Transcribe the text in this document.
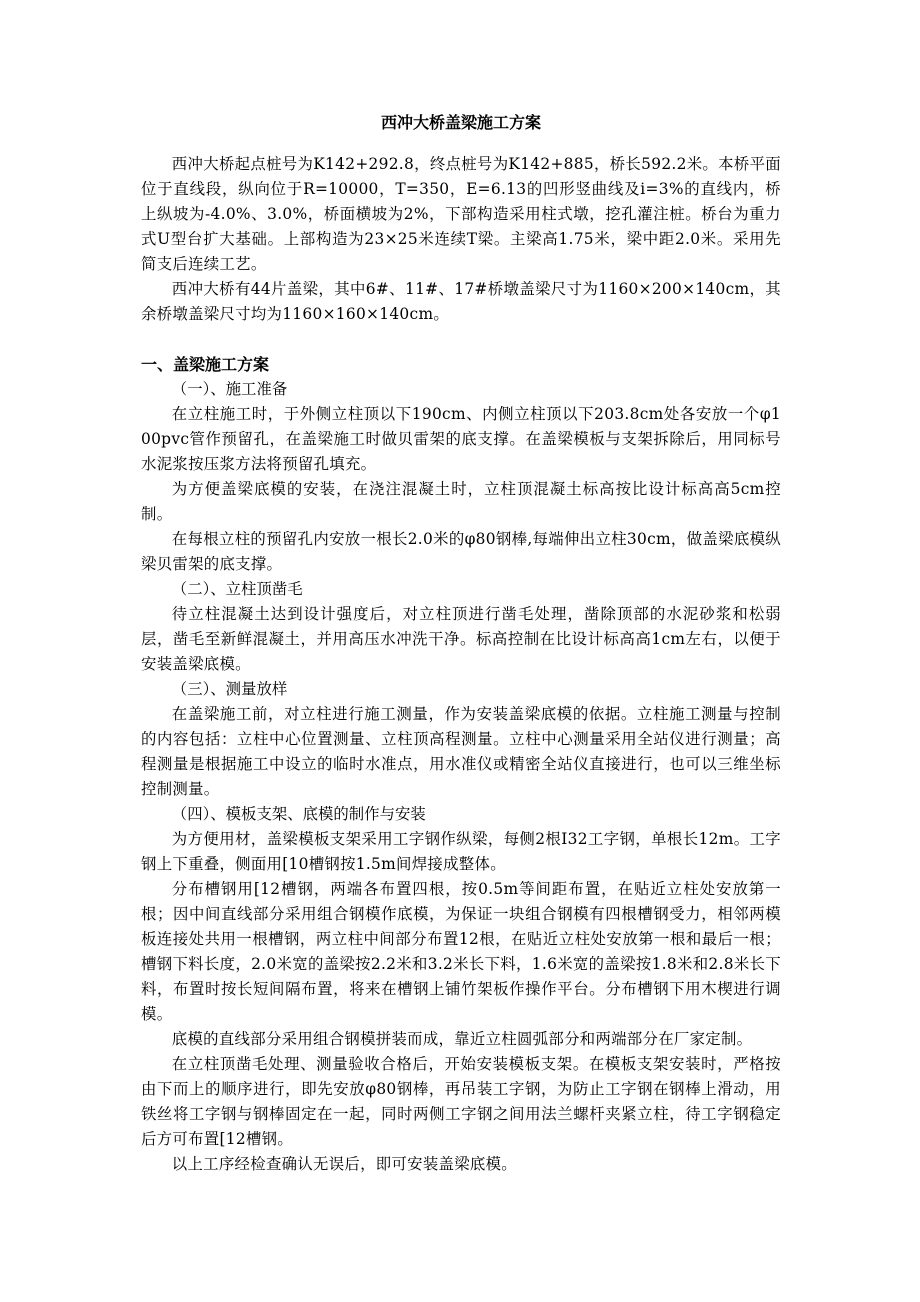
西冲大桥盖梁施工方案

西冲大桥起点桩号为K142+292.8，终点桩号为K142+885，桥长592.2米。本桥平面位于直线段，纵向位于R=10000，T=350，E=6.13的凹形竖曲线及i=3%的直线内，桥上纵坡为-4.0%、3.0%，桥面横坡为2%，下部构造采用柱式墩，挖孔灌注桩。桥台为重力式U型台扩大基础。上部构造为23×25米连续T梁。主梁高1.75米，梁中距2.0米。采用先简支后连续工艺。

西冲大桥有44片盖梁，其中6#、11#、17#桥墩盖梁尺寸为1160×200×140cm，其余桥墩盖梁尺寸均为1160×160×140cm。

一、盖梁施工方案

（一）、施工准备

在立柱施工时，于外侧立柱顶以下190cm、内侧立柱顶以下203.8cm处各安放一个φ100pvc管作预留孔，在盖梁施工时做贝雷架的底支撑。在盖梁模板与支架拆除后，用同标号水泥浆按压浆方法将预留孔填充。

为方便盖梁底模的安装，在浇注混凝土时，立柱顶混凝土标高按比设计标高高5cm控制。

在每根立柱的预留孔内安放一根长2.0米的φ80钢棒,每端伸出立柱30cm，做盖梁底模纵梁贝雷架的底支撑。

（二）、立柱顶凿毛

待立柱混凝土达到设计强度后，对立柱顶进行凿毛处理，凿除顶部的水泥砂浆和松弱层，凿毛至新鲜混凝土，并用高压水冲洗干净。标高控制在比设计标高高1cm左右，以便于安装盖梁底模。

（三）、测量放样

在盖梁施工前，对立柱进行施工测量，作为安装盖梁底模的依据。立柱施工测量与控制的内容包括：立柱中心位置测量、立柱顶高程测量。立柱中心测量采用全站仪进行测量；高程测量是根据施工中设立的临时水准点，用水准仪或精密全站仪直接进行，也可以三维坐标控制测量。

（四）、模板支架、底模的制作与安装

为方便用材，盖梁模板支架采用工字钢作纵梁，每侧2根I32工字钢，单根长12m。工字钢上下重叠，侧面用[10槽钢按1.5m间焊接成整体。

分布槽钢用[12槽钢，两端各布置四根，按0.5m等间距布置，在贴近立柱处安放第一根；因中间直线部分采用组合钢模作底模，为保证一块组合钢模有四根槽钢受力，相邻两模板连接处共用一根槽钢，两立柱中间部分布置12根，在贴近立柱处安放第一根和最后一根；槽钢下料长度，2.0米宽的盖梁按2.2米和3.2米长下料，1.6米宽的盖梁按1.8米和2.8米长下料，布置时按长短间隔布置，将来在槽钢上铺竹架板作操作平台。分布槽钢下用木楔进行调模。

底模的直线部分采用组合钢模拼装而成，靠近立柱圆弧部分和两端部分在厂家定制。

在立柱顶凿毛处理、测量验收合格后，开始安装模板支架。在模板支架安装时，严格按由下而上的顺序进行，即先安放φ80钢棒，再吊装工字钢，为防止工字钢在钢棒上滑动，用铁丝将工字钢与钢棒固定在一起，同时两侧工字钢之间用法兰螺杆夹紧立柱，待工字钢稳定后方可布置[12槽钢。

以上工序经检查确认无误后，即可安装盖梁底模。
